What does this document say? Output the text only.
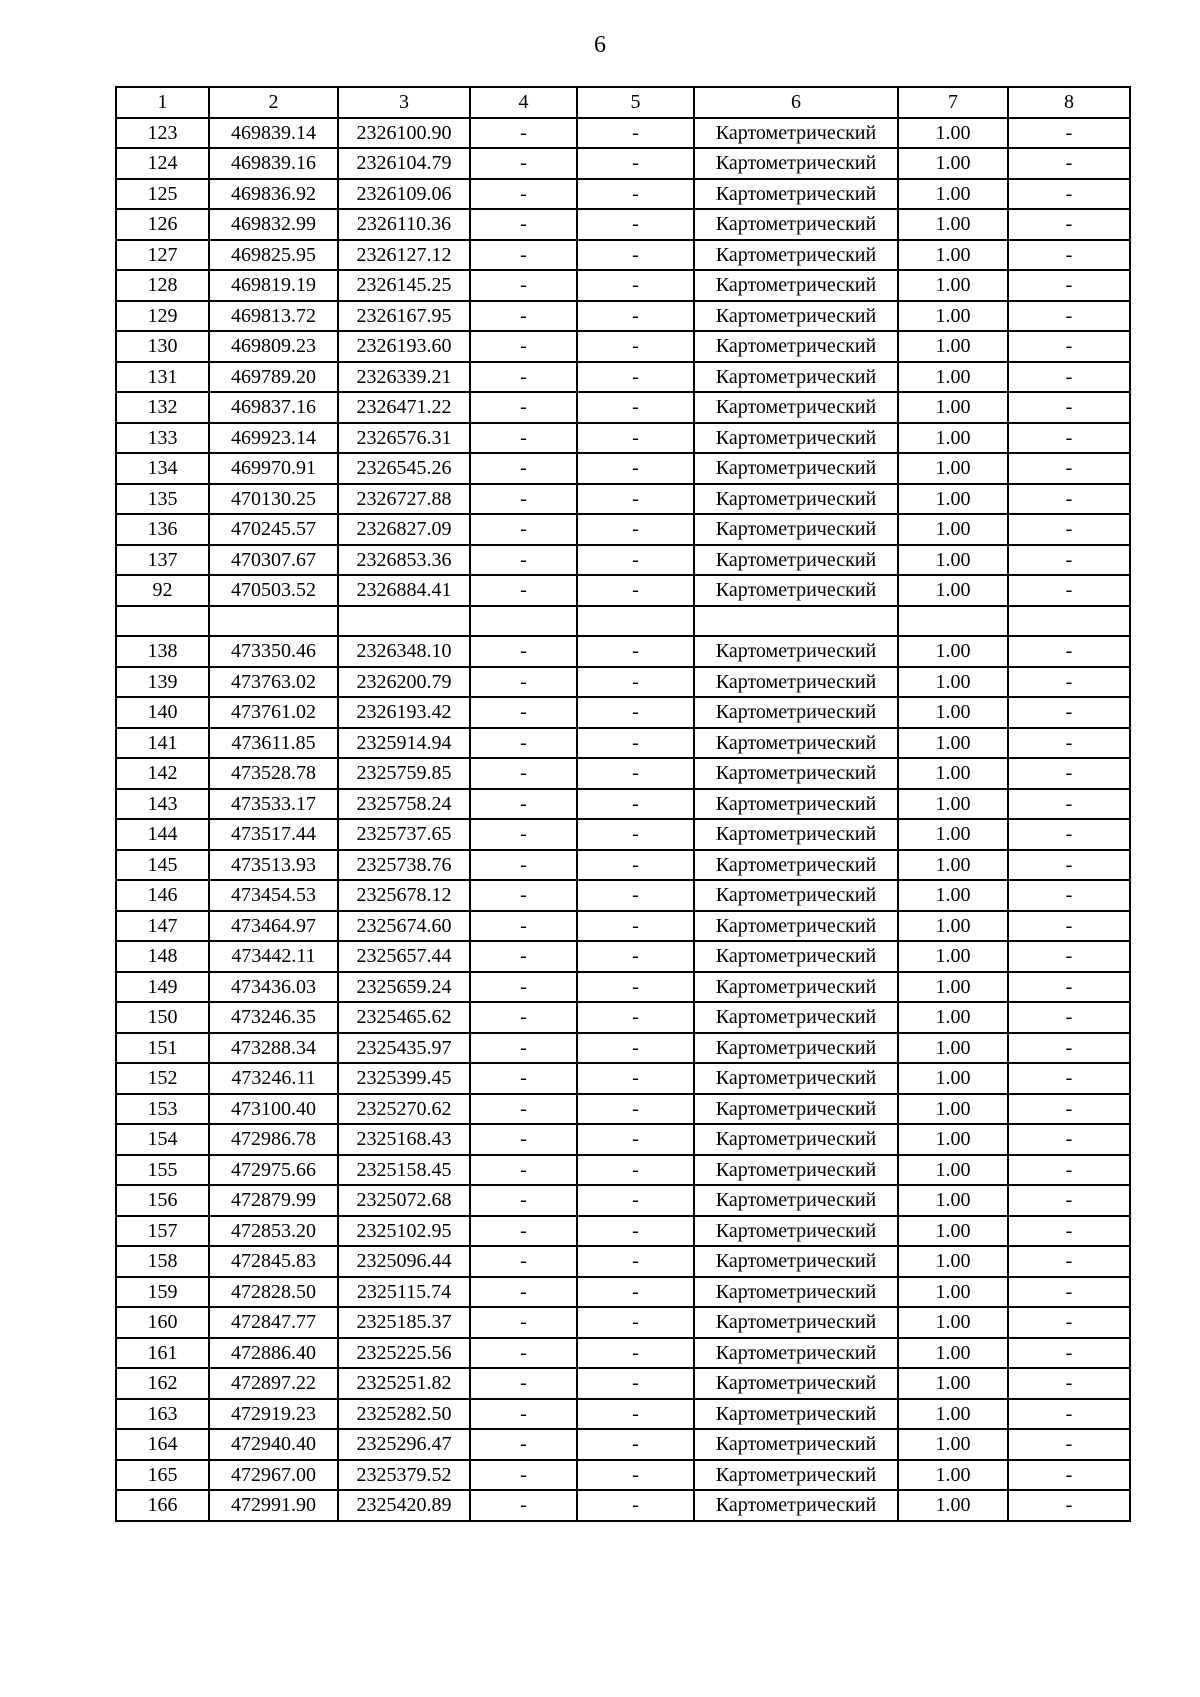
6
1	2	3	4	5	6	7	8
123	469839.14	2326100.90	-	-	Картометрический	1.00	-
124	469839.16	2326104.79	-	-	Картометрический	1.00	-
125	469836.92	2326109.06	-	-	Картометрический	1.00	-
126	469832.99	2326110.36	-	-	Картометрический	1.00	-
127	469825.95	2326127.12	-	-	Картометрический	1.00	-
128	469819.19	2326145.25	-	-	Картометрический	1.00	-
129	469813.72	2326167.95	-	-	Картометрический	1.00	-
130	469809.23	2326193.60	-	-	Картометрический	1.00	-
131	469789.20	2326339.21	-	-	Картометрический	1.00	-
132	469837.16	2326471.22	-	-	Картометрический	1.00	-
133	469923.14	2326576.31	-	-	Картометрический	1.00	-
134	469970.91	2326545.26	-	-	Картометрический	1.00	-
135	470130.25	2326727.88	-	-	Картометрический	1.00	-
136	470245.57	2326827.09	-	-	Картометрический	1.00	-
137	470307.67	2326853.36	-	-	Картометрический	1.00	-
92	470503.52	2326884.41	-	-	Картометрический	1.00	-

138	473350.46	2326348.10	-	-	Картометрический	1.00	-
139	473763.02	2326200.79	-	-	Картометрический	1.00	-
140	473761.02	2326193.42	-	-	Картометрический	1.00	-
141	473611.85	2325914.94	-	-	Картометрический	1.00	-
142	473528.78	2325759.85	-	-	Картометрический	1.00	-
143	473533.17	2325758.24	-	-	Картометрический	1.00	-
144	473517.44	2325737.65	-	-	Картометрический	1.00	-
145	473513.93	2325738.76	-	-	Картометрический	1.00	-
146	473454.53	2325678.12	-	-	Картометрический	1.00	-
147	473464.97	2325674.60	-	-	Картометрический	1.00	-
148	473442.11	2325657.44	-	-	Картометрический	1.00	-
149	473436.03	2325659.24	-	-	Картометрический	1.00	-
150	473246.35	2325465.62	-	-	Картометрический	1.00	-
151	473288.34	2325435.97	-	-	Картометрический	1.00	-
152	473246.11	2325399.45	-	-	Картометрический	1.00	-
153	473100.40	2325270.62	-	-	Картометрический	1.00	-
154	472986.78	2325168.43	-	-	Картометрический	1.00	-
155	472975.66	2325158.45	-	-	Картометрический	1.00	-
156	472879.99	2325072.68	-	-	Картометрический	1.00	-
157	472853.20	2325102.95	-	-	Картометрический	1.00	-
158	472845.83	2325096.44	-	-	Картометрический	1.00	-
159	472828.50	2325115.74	-	-	Картометрический	1.00	-
160	472847.77	2325185.37	-	-	Картометрический	1.00	-
161	472886.40	2325225.56	-	-	Картометрический	1.00	-
162	472897.22	2325251.82	-	-	Картометрический	1.00	-
163	472919.23	2325282.50	-	-	Картометрический	1.00	-
164	472940.40	2325296.47	-	-	Картометрический	1.00	-
165	472967.00	2325379.52	-	-	Картометрический	1.00	-
166	472991.90	2325420.89	-	-	Картометрический	1.00	-
